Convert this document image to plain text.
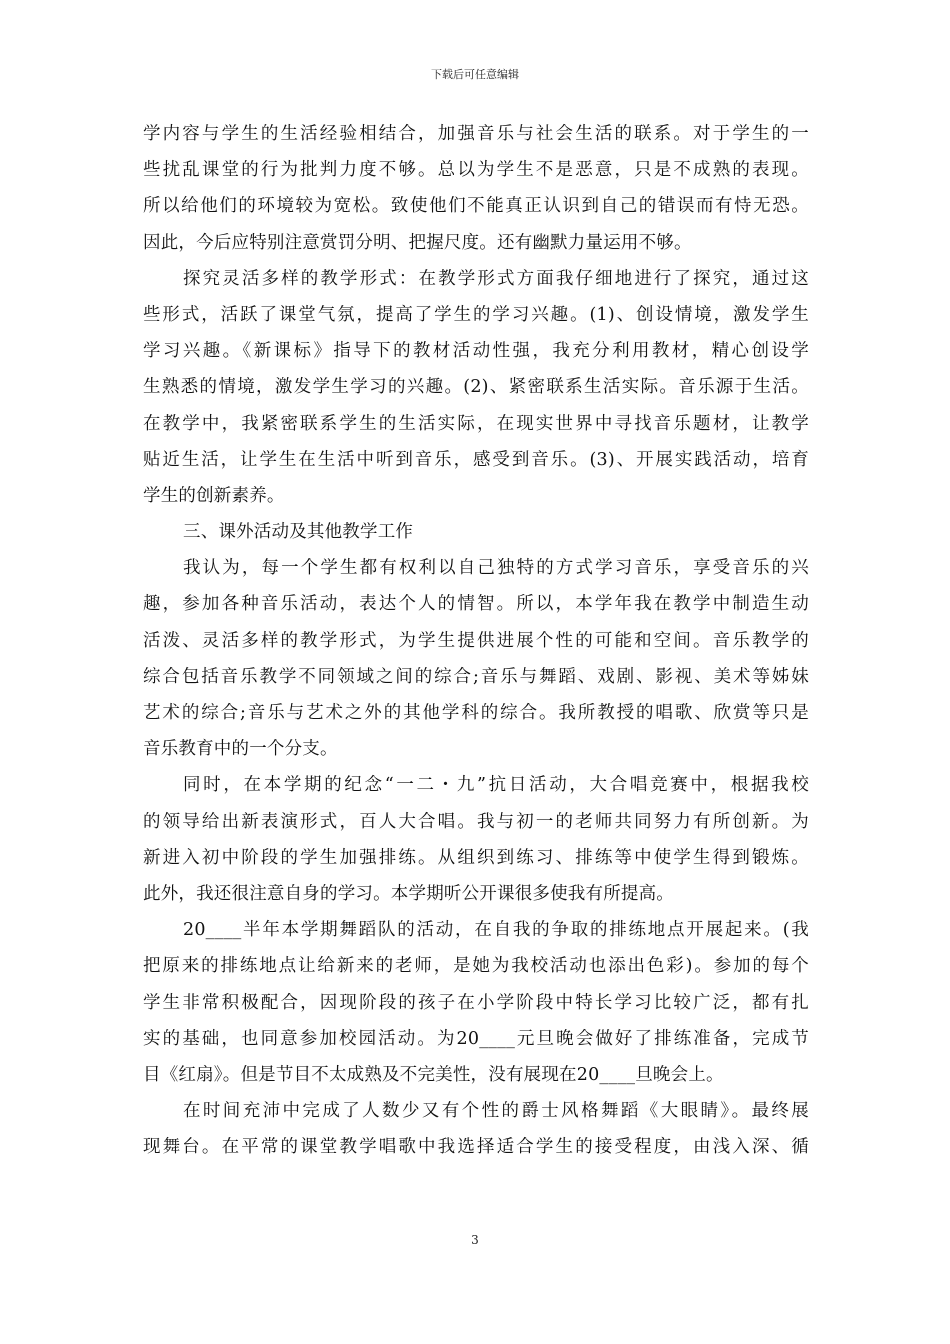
下载后可任意编辑
学内容与学生的生活经验相结合，加强音乐与社会生活的联系。对于学生的一
些扰乱课堂的行为批判力度不够。总以为学生不是恶意，只是不成熟的表现。
所以给他们的环境较为宽松。致使他们不能真正认识到自己的错误而有恃无恐。
因此，今后应特别注意赏罚分明、把握尺度。还有幽默力量运用不够。
探究灵活多样的教学形式：在教学形式方面我仔细地进行了探究，通过这
些形式，活跃了课堂气氛，提高了学生的学习兴趣。(1)、创设情境，激发学生
学习兴趣。《新课标》指导下的教材活动性强，我充分利用教材，精心创设学
生熟悉的情境，激发学生学习的兴趣。(2)、紧密联系生活实际。音乐源于生活。
在教学中，我紧密联系学生的生活实际，在现实世界中寻找音乐题材，让教学
贴近生活，让学生在生活中听到音乐，感受到音乐。(3)、开展实践活动，培育
学生的创新素养。
三、课外活动及其他教学工作
我认为，每一个学生都有权利以自己独特的方式学习音乐，享受音乐的兴
趣，参加各种音乐活动，表达个人的情智。所以，本学年我在教学中制造生动
活泼、灵活多样的教学形式，为学生提供进展个性的可能和空间。音乐教学的
综合包括音乐教学不同领域之间的综合;音乐与舞蹈、戏剧、影视、美术等姊妹
艺术的综合;音乐与艺术之外的其他学科的综合。我所教授的唱歌、欣赏等只是
音乐教育中的一个分支。
同时，在本学期的纪念“一二・九”抗日活动，大合唱竞赛中，根据我校
的领导给出新表演形式，百人大合唱。我与初一的老师共同努力有所创新。为
新进入初中阶段的学生加强排练。从组织到练习、排练等中使学生得到锻炼。
此外，我还很注意自身的学习。本学期听公开课很多使我有所提高。
20____半年本学期舞蹈队的活动，在自我的争取的排练地点开展起来。(我
把原来的排练地点让给新来的老师，是她为我校活动也添出色彩)。参加的每个
学生非常积极配合，因现阶段的孩子在小学阶段中特长学习比较广泛，都有扎
实的基础，也同意参加校园活动。为20____元旦晚会做好了排练准备，完成节
目《红扇》。但是节目不太成熟及不完美性，没有展现在20____旦晚会上。
在时间充沛中完成了人数少又有个性的爵士风格舞蹈《大眼睛》。最终展
现舞台。在平常的课堂教学唱歌中我选择适合学生的接受程度，由浅入深、循
3
